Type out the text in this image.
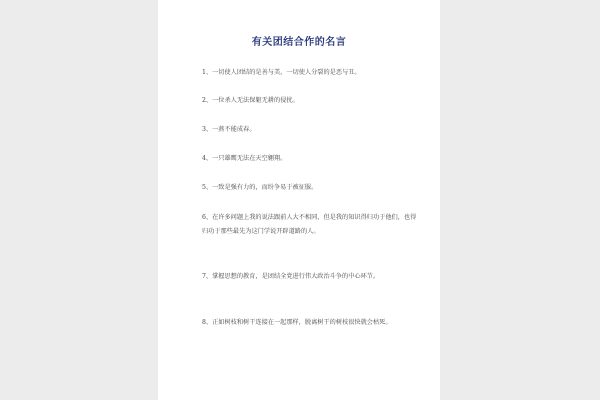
有关团结合作的名言
1、一切使人团结的是善与美，一切使人分裂的是恶与丑。
2、一位杀人无法保躯无耕的侵扰。
3、一燕不能成春。
4、一只雄鹰无法在天空翱翔。
5、一致是强有力的，而纷争易于被征服。
6、在许多问题上我的说法跟前人大不相同，但是我的知识得归功于他们，也得归功于那些最先为这门学说开辟道路的人。
7、掌握思想的教育，是团结全党进行伟大政治斗争的中心环节。
8、正如树枝和树干连接在一起那样，脱离树干的树枝很快就会枯死。
